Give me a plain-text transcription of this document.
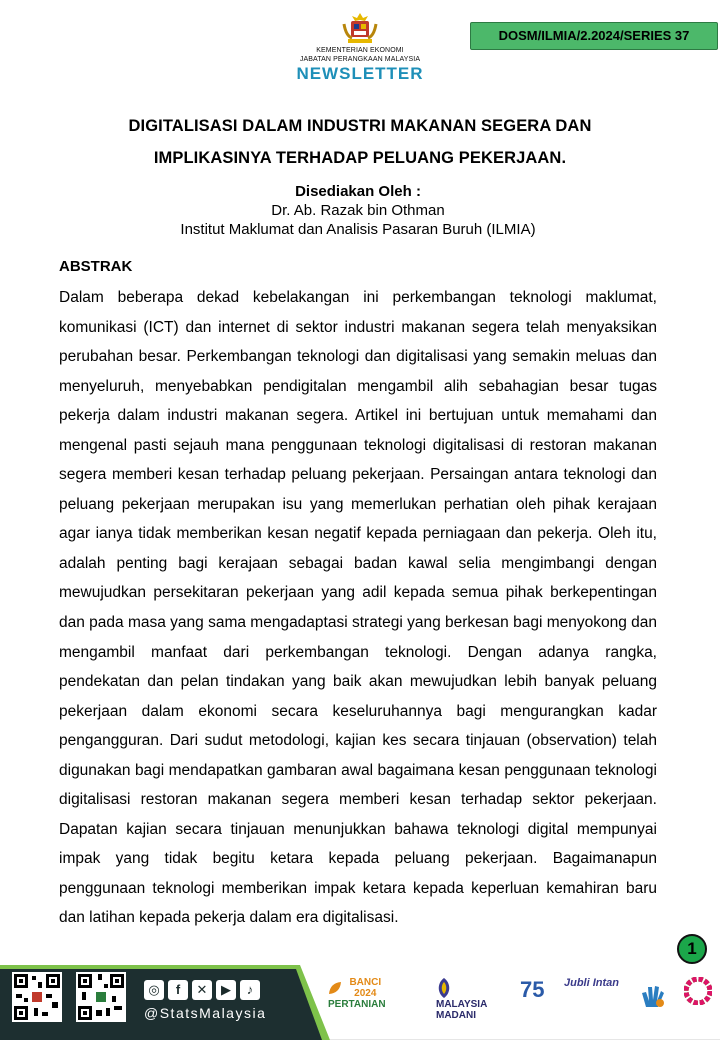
KEMENTERIAN EKONOMI
JABATAN PERANGKAAN MALAYSIA
NEWSLETTER
DOSM/ILMIA/2.2024/SERIES 37
DIGITALISASI DALAM INDUSTRI MAKANAN SEGERA DAN
IMPLIKASINYA TERHADAP PELUANG PEKERJAAN.
Disediakan Oleh :
Dr. Ab. Razak bin Othman
Institut Maklumat dan Analisis Pasaran Buruh (ILMIA)
ABSTRAK

Dalam beberapa dekad kebelakangan ini perkembangan teknologi maklumat, komunikasi (ICT) dan internet di sektor industri makanan segera telah menyaksikan perubahan besar. Perkembangan teknologi dan digitalisasi yang semakin meluas dan menyeluruh, menyebabkan pendigitalan mengambil alih sebahagian besar tugas pekerja dalam industri makanan segera. Artikel ini bertujuan untuk memahami dan mengenal pasti sejauh mana penggunaan teknologi digitalisasi di restoran makanan segera memberi kesan terhadap peluang pekerjaan. Persaingan antara teknologi dan peluang pekerjaan merupakan isu yang memerlukan perhatian oleh pihak kerajaan agar ianya tidak memberikan kesan negatif kepada perniagaan dan pekerja. Oleh itu, adalah penting bagi kerajaan sebagai badan kawal selia mengimbangi dengan mewujudkan persekitaran pekerjaan yang adil kepada semua pihak berkepentingan dan pada masa yang sama mengadaptasi strategi yang berkesan bagi menyokong dan mengambil manfaat dari perkembangan teknologi. Dengan adanya rangka, pendekatan dan pelan tindakan yang baik akan mewujudkan lebih banyak peluang pekerjaan dalam ekonomi secara keseluruhannya bagi mengurangkan kadar pengangguran. Dari sudut metodologi, kajian kes secara tinjauan (observation) telah digunakan bagi mendapatkan gambaran awal bagaimana kesan penggunaan teknologi digitalisasi restoran makanan segera memberi kesan terhadap sektor pekerjaan. Dapatan kajian secara tinjauan menunjukkan bahawa teknologi digital mempunyai impak yang tidak begitu ketara kepada peluang pekerjaan. Bagaimanapun penggunaan teknologi memberikan impak ketara kepada keperluan kemahiran baru dan latihan kepada pekerja dalam era digitalisasi.

1
◎ f ✕ ▶ ♪
@StatsMalaysia
BANCI 2024
PERTANIAN	MALAYSIA
MADANI
75 Jubli Intan
